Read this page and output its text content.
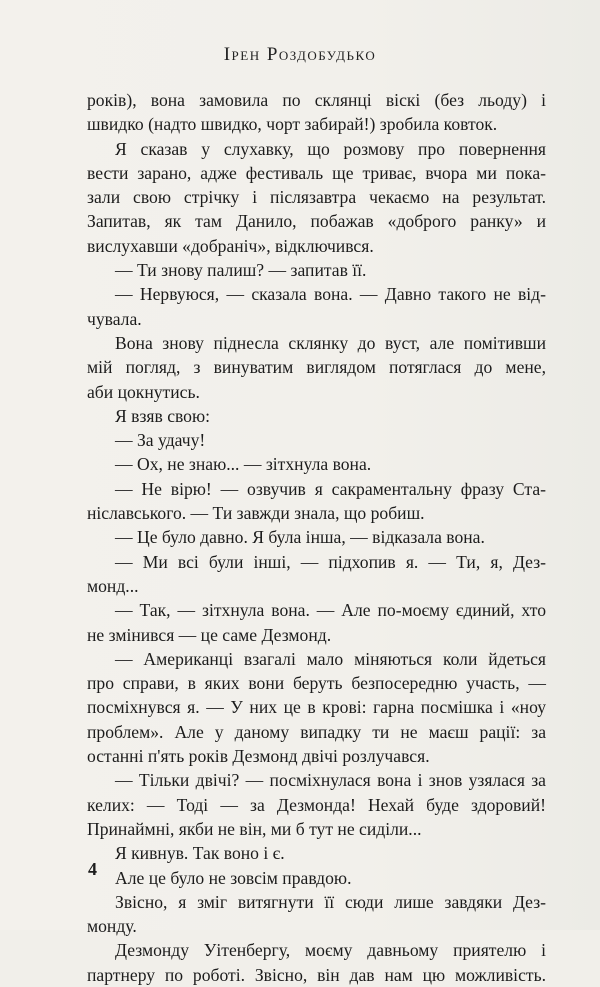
Ірен Роздобудько
років), вона замовила по склянці віскі (без льоду) і
швидко (надто швидко, чорт забирай!) зробила ковток.
Я сказав у слухавку, що розмову про повернення
вести зарано, адже фестиваль ще триває, вчора ми пока-
зали свою стрічку і післязавтра чекаємо на результат.
Запитав, як там Данило, побажав «доброго ранку» и
вислухавши «добраніч», відключився.
— Ти знову палиш? — запитав її.
— Нервуюся, — сказала вона. — Давно такого не від-
чувала.
Вона знову піднесла склянку до вуст, але помітивши
мій погляд, з винуватим виглядом потяглася до мене,
аби цокнутись.
Я взяв свою:
— За удачу!
— Ох, не знаю... — зітхнула вона.
— Не вірю! — озвучив я сакраментальну фразу Ста-
ніславського. — Ти завжди знала, що робиш.
— Це було давно. Я була інша, — відказала вона.
— Ми всі були інші, — підхопив я. — Ти, я, Дез-
монд...
— Так, — зітхнула вона. — Але по-моєму єдиний, хто
не змінився — це саме Дезмонд.
— Американці взагалі мало міняються коли йдеться
про справи, в яких вони беруть безпосередню участь, —
посміхнувся я. — У них це в крові: гарна посмішка і «ноу
проблем». Але у даному випадку ти не маєш рації: за
останні п'ять років Дезмонд двічі розлучався.
— Тільки двічі? — посміхнулася вона і знов узялася за
келих: — Тоді — за Дезмонда! Нехай буде здоровий!
Принаймні, якби не він, ми б тут не сиділи...
Я кивнув. Так воно і є.
Але це було не зовсім правдою.
Звісно, я зміг витягнути її сюди лише завдяки Дез-
монду.
Дезмонду Уітенбергу, моєму давньому приятелю і
партнеру по роботі. Звісно, він дав нам цю можливість.
4
